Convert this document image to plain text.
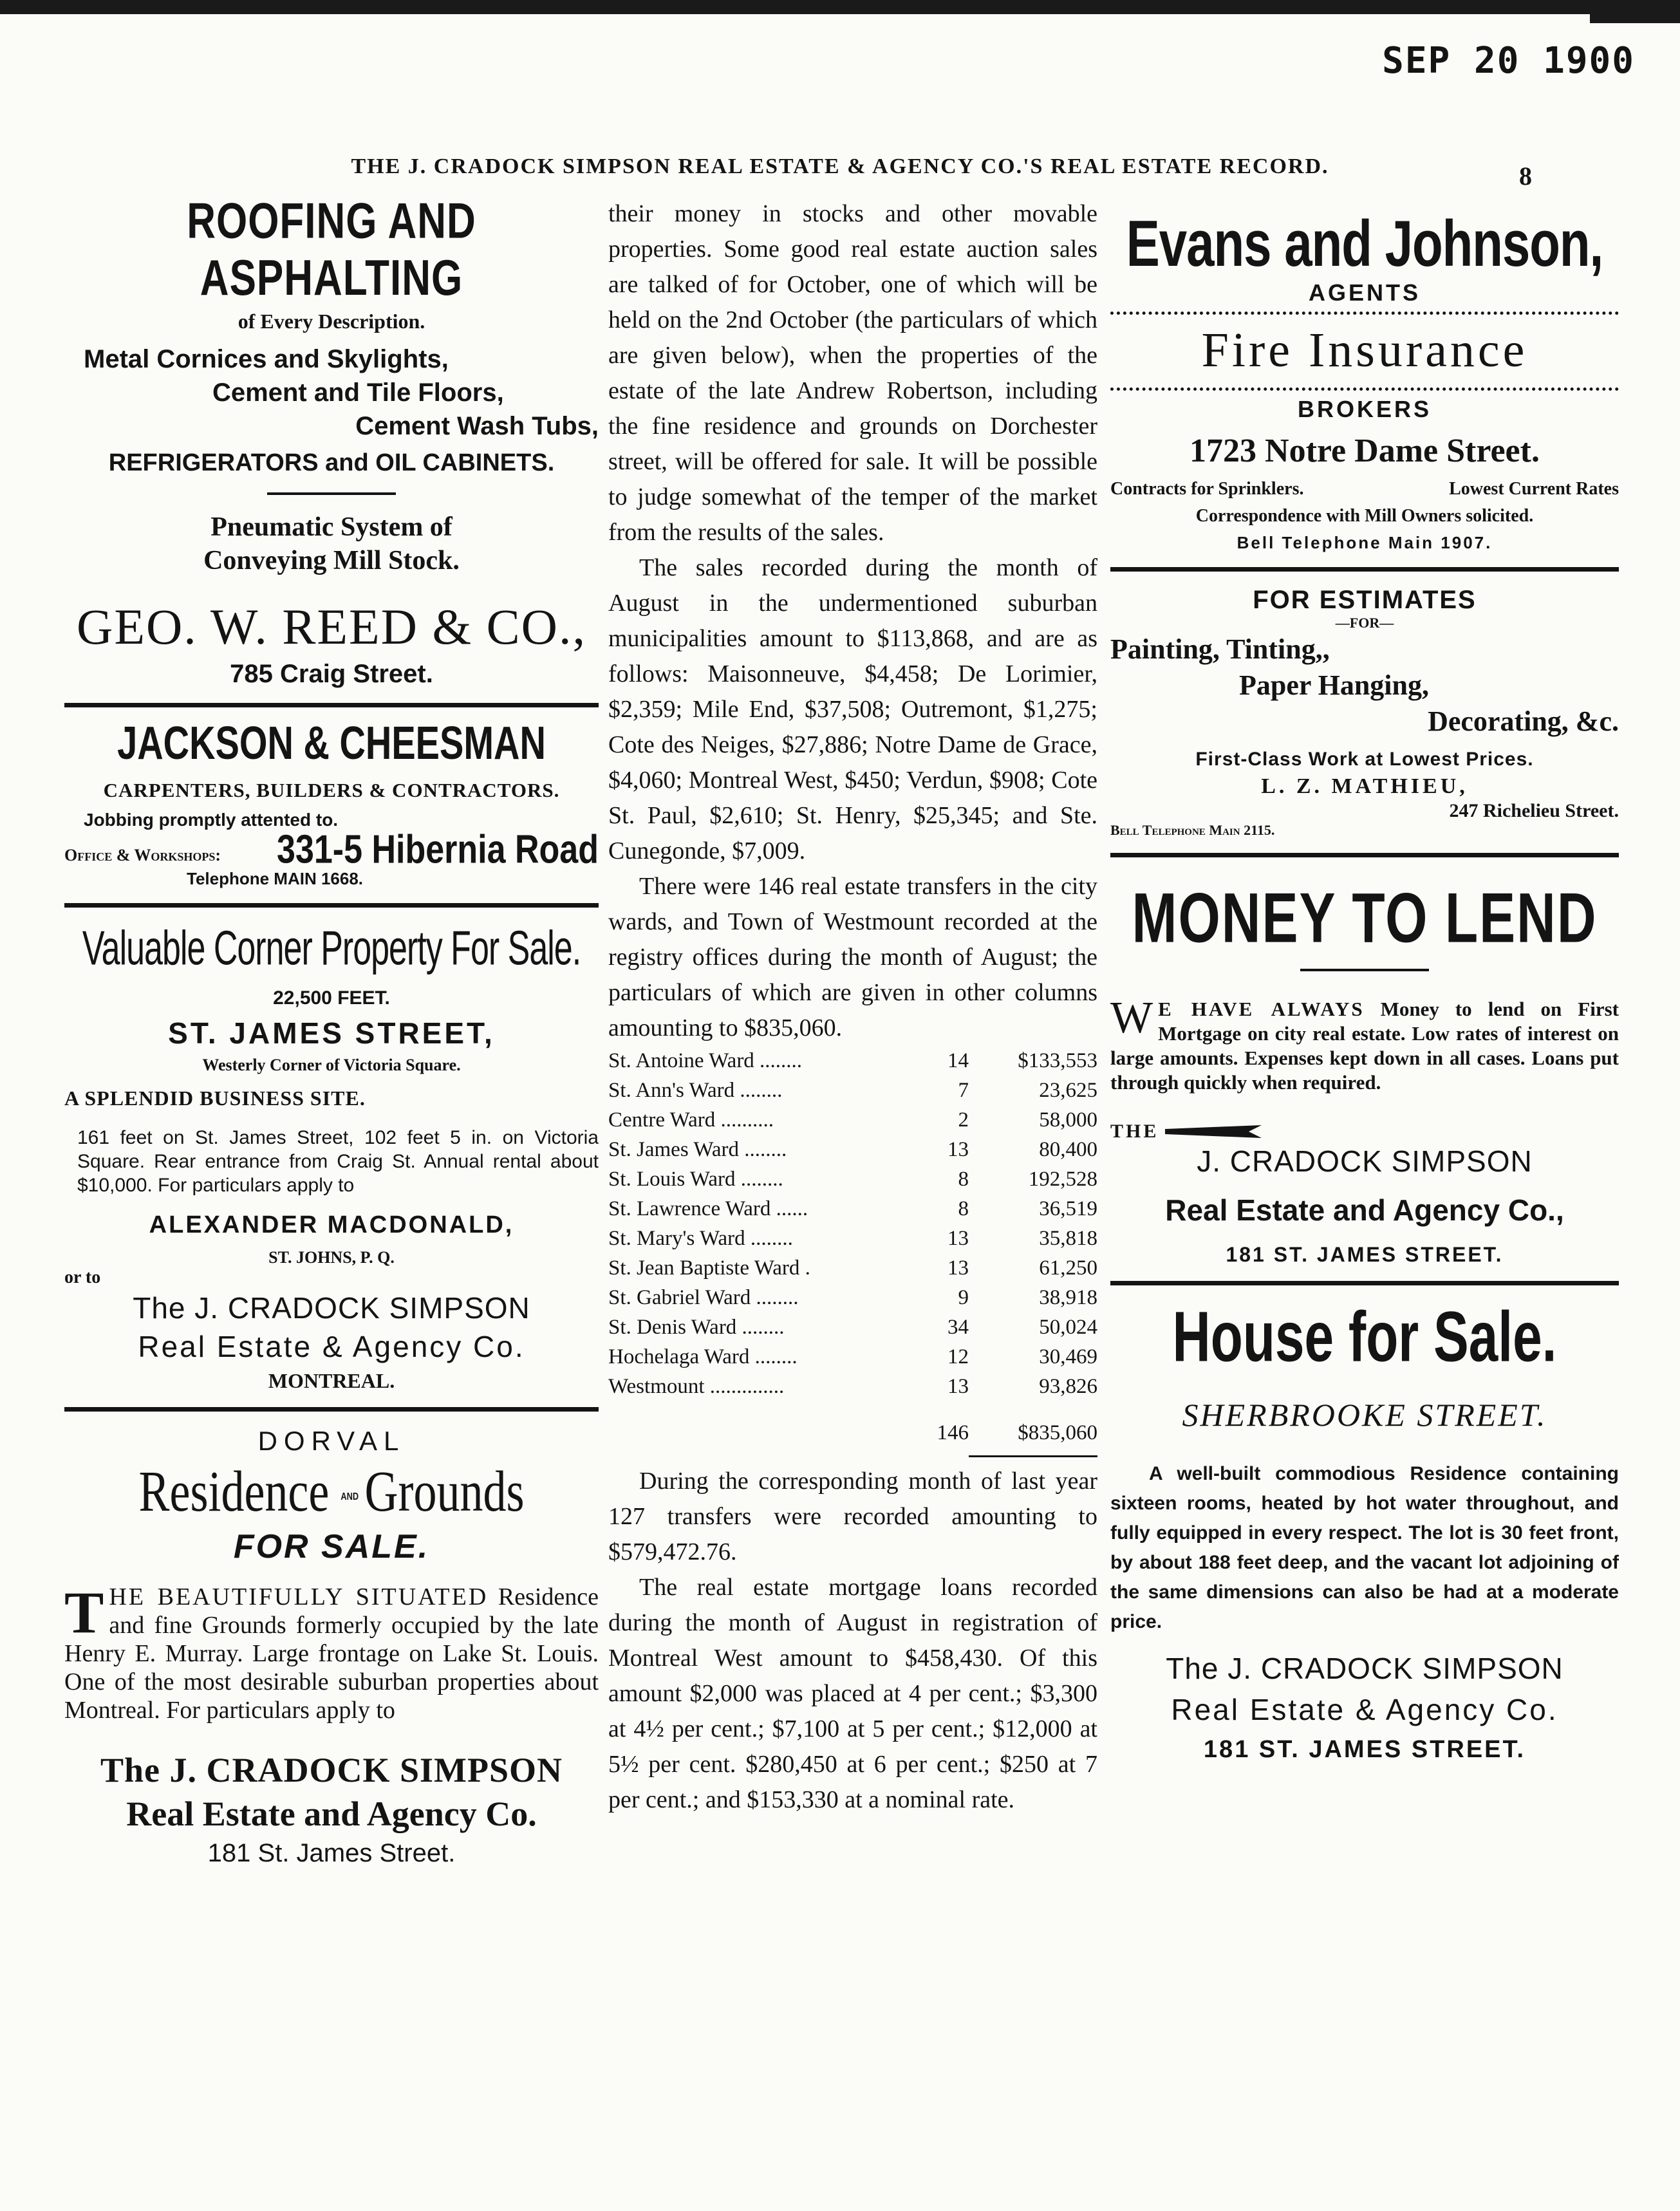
SEP 20 1900
THE J. CRADOCK SIMPSON REAL ESTATE & AGENCY CO.'S REAL ESTATE RECORD.	8
ROOFING AND ASPHALTING
of Every Description.
Metal Cornices and Skylights,
Cement and Tile Floors,
Cement Wash Tubs,
REFRIGERATORS and OIL CABINETS.
Pneumatic System of
Conveying Mill Stock.
GEO. W. REED & CO.,
785 Craig Street.
JACKSON & CHEESMAN
CARPENTERS, BUILDERS & CONTRACTORS.
Jobbing promptly attented to.
Office & Workshops: 331-5 Hibernia Road
Telephone MAIN 1668.
Valuable Corner Property For Sale.
22,500 FEET.
ST. JAMES STREET,
Westerly Corner of Victoria Square.
A SPLENDID BUSINESS SITE.
161 feet on St. James Street, 102 feet 5 in. on Victoria Square. Rear entrance from Craig St. Annual rental about $10,000. For particulars apply to
ALEXANDER MACDONALD,
ST. JOHNS, P. Q.
or to
The J. CRADOCK SIMPSON
Real Estate & Agency Co.
MONTREAL.
DORVAL
Residence AND Grounds
FOR SALE.
T HE BEAUTIFULLY SITUATED Residence and fine Grounds formerly occupied by the late Henry E. Murray. Large frontage on Lake St. Louis. One of the most desirable suburban properties about Montreal. For particulars apply to
The J. CRADOCK SIMPSON
Real Estate and Agency Co.
181 St. James Street.

their money in stocks and other movable properties. Some good real estate auction sales are talked of for October, one of which will be held on the 2nd October (the particulars of which are given below), when the properties of the estate of the late Andrew Robertson, including the fine residence and grounds on Dorchester street, will be offered for sale. It will be possible to judge somewhat of the temper of the market from the results of the sales.

The sales recorded during the month of August in the undermentioned suburban municipalities amount to $113,868, and are as follows: Maisonneuve, $4,458; De Lorimier, $2,359; Mile End, $37,508; Outremont, $1,275; Cote des Neiges, $27,886; Notre Dame de Grace, $4,060; Montreal West, $450; Verdun, $908; Cote St. Paul, $2,610; St. Henry, $25,345; and Ste. Cunegonde, $7,009.

There were 146 real estate transfers in the city wards, and Town of Westmount recorded at the registry offices during the month of August; the particulars of which are given in other columns amounting to $835,060.

St. Antoine Ward ........	14	$133,553
St. Ann's Ward ........	7	23,625
Centre Ward ..........	2	58,000
St. James Ward ........	13	80,400
St. Louis Ward ........	8	192,528
St. Lawrence Ward ......	8	36,519
St. Mary's Ward ........	13	35,818
St. Jean Baptiste Ward .	13	61,250
St. Gabriel Ward ........	9	38,918
St. Denis Ward ........	34	50,024
Hochelaga Ward ........	12	30,469
Westmount ..............	13	93,826
	146	$835,060

During the corresponding month of last year 127 transfers were recorded amounting to $579,472.76.

The real estate mortgage loans recorded during the month of August in registration of Montreal West amount to $458,430. Of this amount $2,000 was placed at 4 per cent.; $3,300 at 4½ per cent.; $7,100 at 5 per cent.; $12,000 at 5½ per cent. $280,450 at 6 per cent.; $250 at 7 per cent.; and $153,330 at a nominal rate.

Evans and Johnson,
AGENTS
Fire Insurance
BROKERS
1723 Notre Dame Street.
Contracts for Sprinklers.	Lowest Current Rates
Correspondence with Mill Owners solicited.
Bell Telephone Main 1907.
FOR ESTIMATES
—FOR—
Painting, Tinting,,
Paper Hanging,
Decorating, &c.
First-Class Work at Lowest Prices.
L. Z. MATHIEU,
247 Richelieu Street.
Bell Telephone Main 2115.
MONEY TO LEND
W E HAVE ALWAYS Money to lend on First Mortgage on city real estate. Low rates of interest on large amounts. Expenses kept down in all cases. Loans put through quickly when required.
THE
J. CRADOCK SIMPSON
Real Estate and Agency Co.,
181 ST. JAMES STREET.
House for Sale.
SHERBROOKE STREET.
A well-built commodious Residence containing sixteen rooms, heated by hot water throughout, and fully equipped in every respect. The lot is 30 feet front, by about 188 feet deep, and the vacant lot adjoining of the same dimensions can also be had at a moderate price.
The J. CRADOCK SIMPSON
Real Estate & Agency Co.
181 ST. JAMES STREET.
